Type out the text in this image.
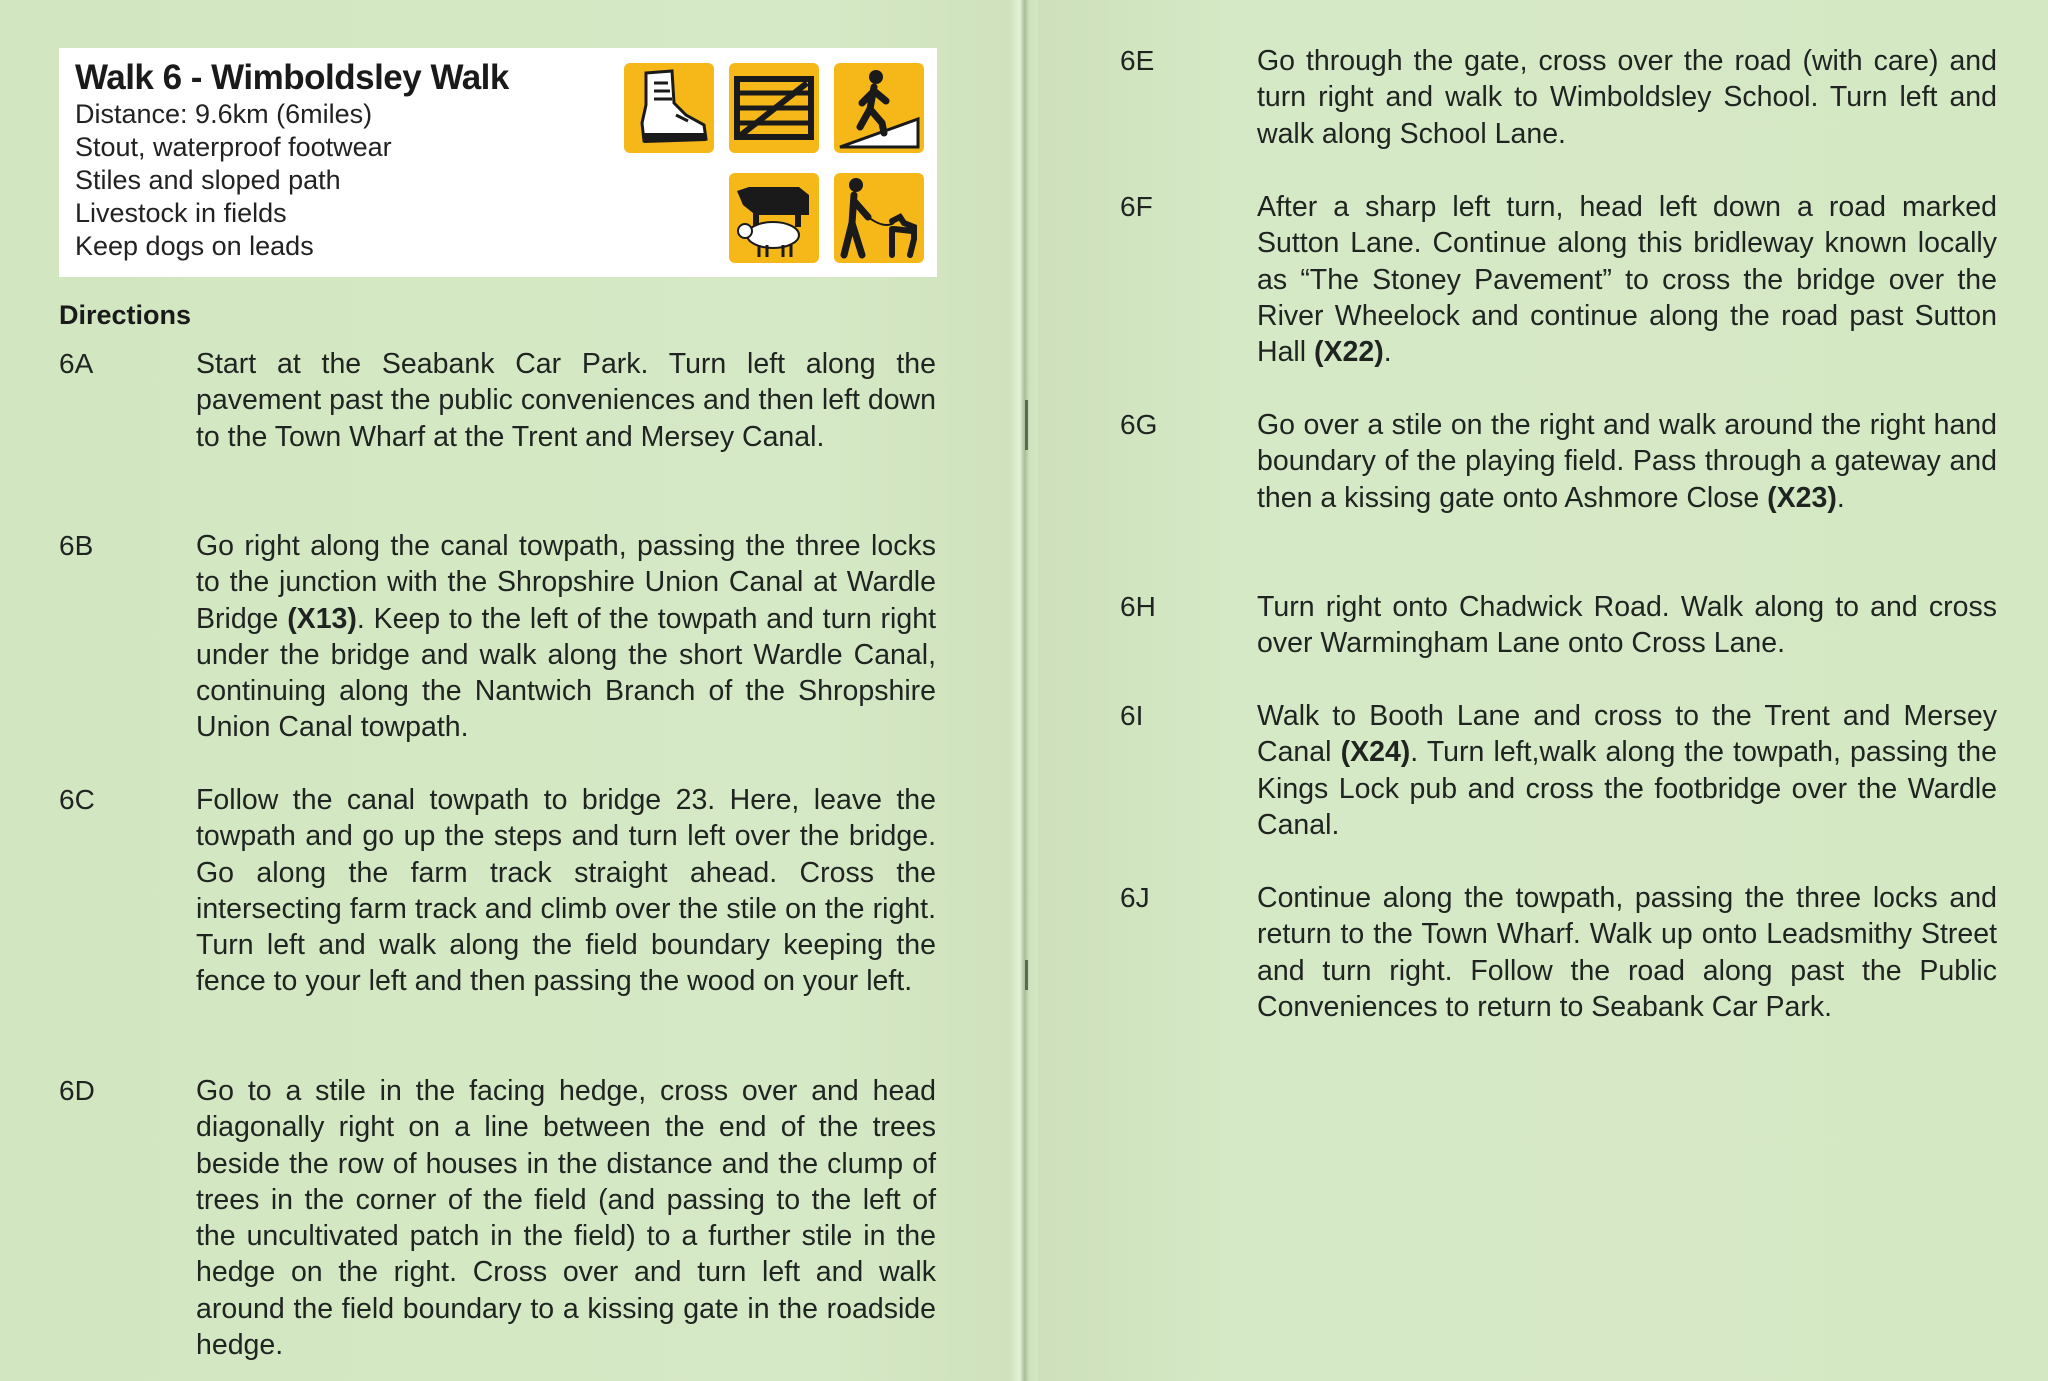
Walk 6 - Wimboldsley Walk
Distance: 9.6km (6miles)
Stout, waterproof footwear
Stiles and sloped path
Livestock in fields
Keep dogs on leads
Directions
6A	Start at the Seabank Car Park. Turn left along the pavement past the public conveniences and then left down to the Town Wharf at the Trent and Mersey Canal.

6B	Go right along the canal towpath, passing the three locks to the junction with the Shropshire Union Canal at Wardle Bridge (X13). Keep to the left of the towpath and turn right under the bridge and walk along the short Wardle Canal, continuing along the Nantwich Branch of the Shropshire Union Canal towpath.

6C	Follow the canal towpath to bridge 23. Here, leave the towpath and go up the steps and turn left over the bridge. Go along the farm track straight ahead. Cross the intersecting farm track and climb over the stile on the right. Turn left and walk along the field boundary keeping the fence to your left and then passing the wood on your left.

6D	Go to a stile in the facing hedge, cross over and head diagonally right on a line between the end of the trees beside the row of houses in the distance and the clump of trees in the corner of the field (and passing to the left of the uncultivated patch in the field) to a further stile in the hedge on the right. Cross over and turn left and walk around the field boundary to a kissing gate in the roadside hedge.

6E	Go through the gate, cross over the road (with care) and turn right and walk to Wimboldsley School. Turn left and walk along School Lane.

6F	After a sharp left turn, head left down a road marked Sutton Lane. Continue along this bridleway known locally as “The Stoney Pavement” to cross the bridge over the River Wheelock and continue along the road past Sutton Hall (X22).

6G	Go over a stile on the right and walk around the right hand boundary of the playing field. Pass through a gateway and then a kissing gate onto Ashmore Close (X23).

6H	Turn right onto Chadwick Road. Walk along to and cross over Warmingham Lane onto Cross Lane.

6I	Walk to Booth Lane and cross to the Trent and Mersey Canal (X24). Turn left,walk along the towpath, passing the Kings Lock pub and cross the footbridge over the Wardle Canal.

6J	Continue along the towpath, passing the three locks and return to the Town Wharf. Walk up onto Leadsmithy Street and turn right. Follow the road along past the Public Conveniences to return to Seabank Car Park.
